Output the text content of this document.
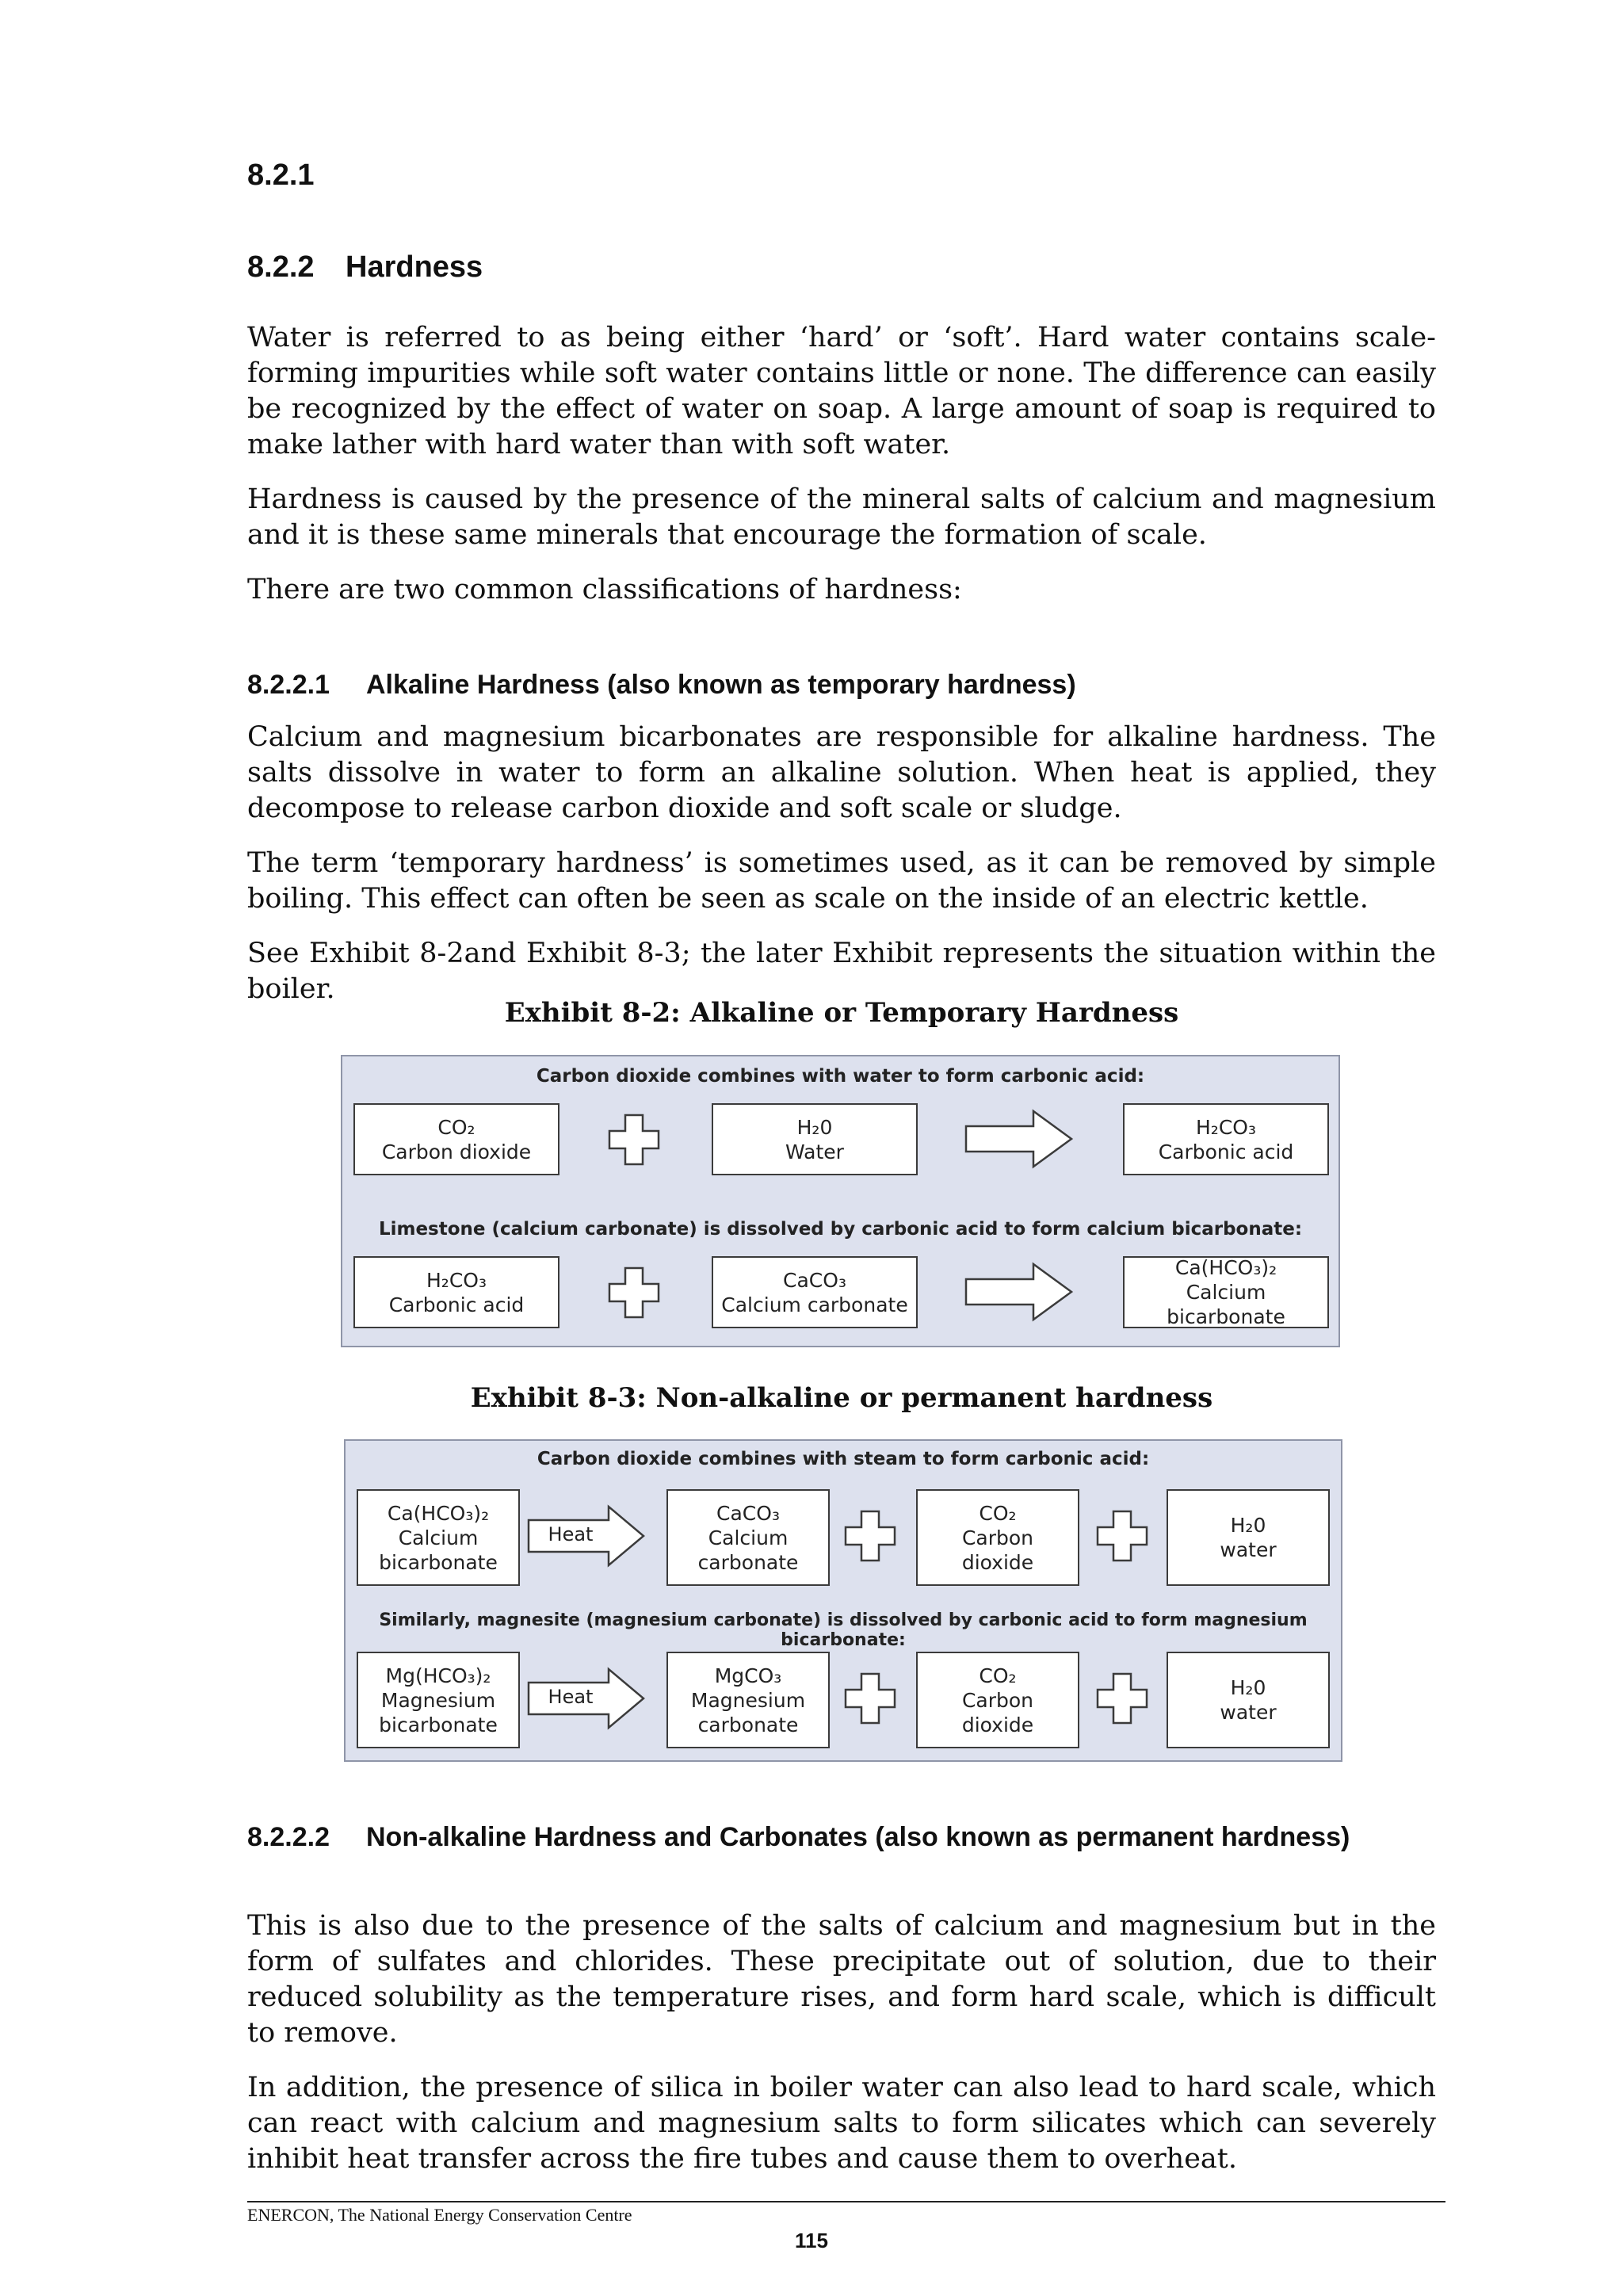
8.2.1
8.2.2 Hardness

Water is referred to as being either ‘hard’ or ‘soft’. Hard water contains scale-forming impurities while soft water contains little or none. The difference can easily be recognized by the effect of water on soap. A large amount of soap is required to make lather with hard water than with soft water.

Hardness is caused by the presence of the mineral salts of calcium and magnesium and it is these same minerals that encourage the formation of scale.

There are two common classifications of hardness:

8.2.2.1	Alkaline Hardness (also known as temporary hardness)

Calcium and magnesium bicarbonates are responsible for alkaline hardness. The salts dissolve in water to form an alkaline solution. When heat is applied, they decompose to release carbon dioxide and soft scale or sludge.

The term ‘temporary hardness’ is sometimes used, as it can be removed by simple boiling. This effect can often be seen as scale on the inside of an electric kettle.

See Exhibit 8-2and Exhibit 8-3; the later Exhibit represents the situation within the boiler.

Exhibit 8-2: Alkaline or Temporary Hardness

Carbon dioxide combines with water to form carbonic acid:
CO₂
Carbon dioxide
H₂0
Water
H₂CO₃
Carbonic acid
Limestone (calcium carbonate) is dissolved by carbonic acid to form calcium bicarbonate:
H₂CO₃
Carbonic acid
CaCO₃
Calcium carbonate
Ca(HCO₃)₂
Calcium bicarbonate

Exhibit 8-3: Non-alkaline or permanent hardness

Carbon dioxide combines with steam to form carbonic acid:
Ca(HCO₃)₂
Calcium
bicarbonate
Heat
CaCO₃
Calcium
carbonate
CO₂
Carbon
dioxide
H₂0
water
Similarly, magnesite (magnesium carbonate) is dissolved by carbonic acid to form magnesium bicarbonate:
Mg(HCO₃)₂
Magnesium
bicarbonate
Heat
MgCO₃
Magnesium
carbonate
CO₂
Carbon
dioxide
H₂0
water
8.2.2.2	Non-alkaline Hardness and Carbonates (also known as permanent hardness)

This is also due to the presence of the salts of calcium and magnesium but in the form of sulfates and chlorides. These precipitate out of solution, due to their reduced solubility as the temperature rises, and form hard scale, which is difficult to remove.

In addition, the presence of silica in boiler water can also lead to hard scale, which can react with calcium and magnesium salts to form silicates which can severely inhibit heat transfer across the fire tubes and cause them to overheat.

ENERCON, The National Energy Conservation Centre
115
